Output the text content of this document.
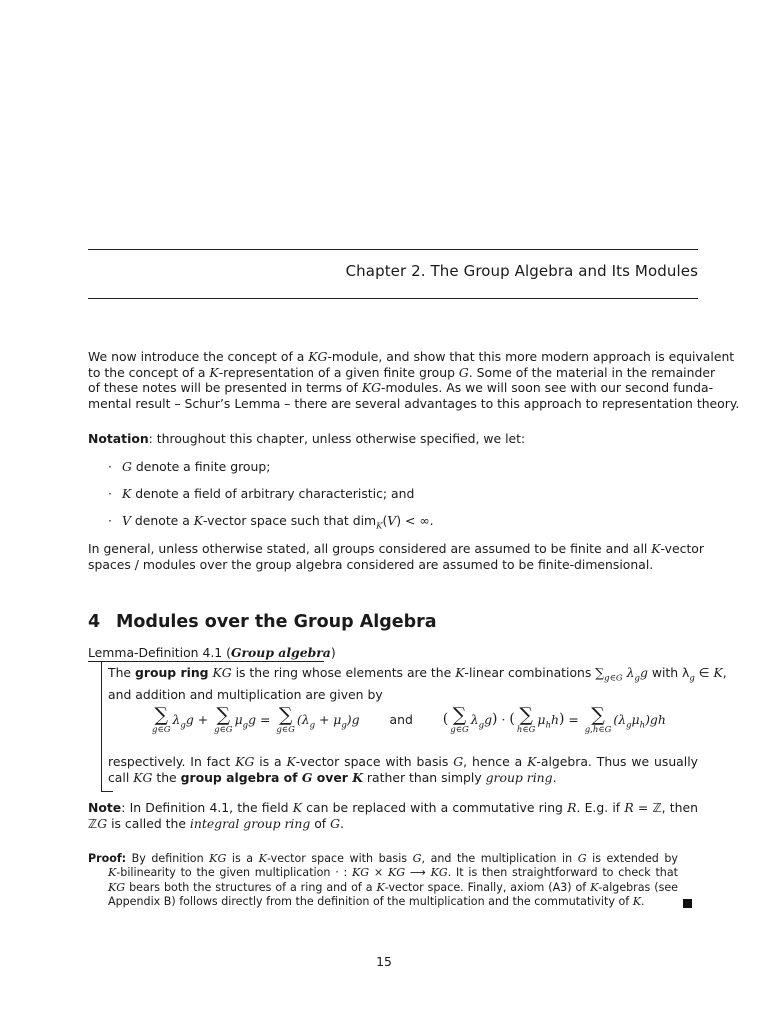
Chapter 2. The Group Algebra and Its Modules
We now introduce the concept of a KG-module, and show that this more modern approach is equivalent
to the concept of a K-representation of a given finite group G. Some of the material in the remainder
of these notes will be presented in terms of KG-modules. As we will soon see with our second funda-
mental result – Schur’s Lemma – there are several advantages to this approach to representation theory.
Notation: throughout this chapter, unless otherwise specified, we let:
· G denote a finite group;
· K denote a field of arbitrary characteristic; and
· V denote a K-vector space such that dim$_K$(V) < ∞.
In general, unless otherwise stated, all groups considered are assumed to be finite and all K-vector
spaces / modules over the group algebra considered are assumed to be finite-dimensional.
4 Modules over the Group Algebra
Lemma-Definition 4.1 (Group algebra)
The group ring KG is the ring whose elements are the K-linear combinations $\sum_{g\in G}$ $\lambda_gg$ with $\lambda_g$ ∈ K,
and addition and multiplication are given by
∑
g∈G
$\lambda_gg$ + ∑
g∈G
$\mu_gg$ = ∑
g∈G
$(\lambda_g + \mu_g)g$ and ( ∑
g∈G
$\lambda_gg$) · ( ∑
h∈G
$\mu_hh$) = ∑
g,h∈G
$(\lambda_g\mu_h)gh$
respectively. In fact KG is a K-vector space with basis G, hence a K-algebra. Thus we usually
call KG the group algebra of G over K rather than simply group ring.
Note: In Definition 4.1, the field K can be replaced with a commutative ring R. E.g. if R = ℤ, then
ℤG is called the integral group ring of G.
Proof: By definition KG is a K-vector space with basis G, and the multiplication in G is extended by
K-bilinearity to the given multiplication · : KG × KG ⟶ KG. It is then straightforward to check that
KG bears both the structures of a ring and of a K-vector space. Finally, axiom (A3) of K-algebras (see
Appendix B) follows directly from the definition of the multiplication and the commutativity of K.
15
